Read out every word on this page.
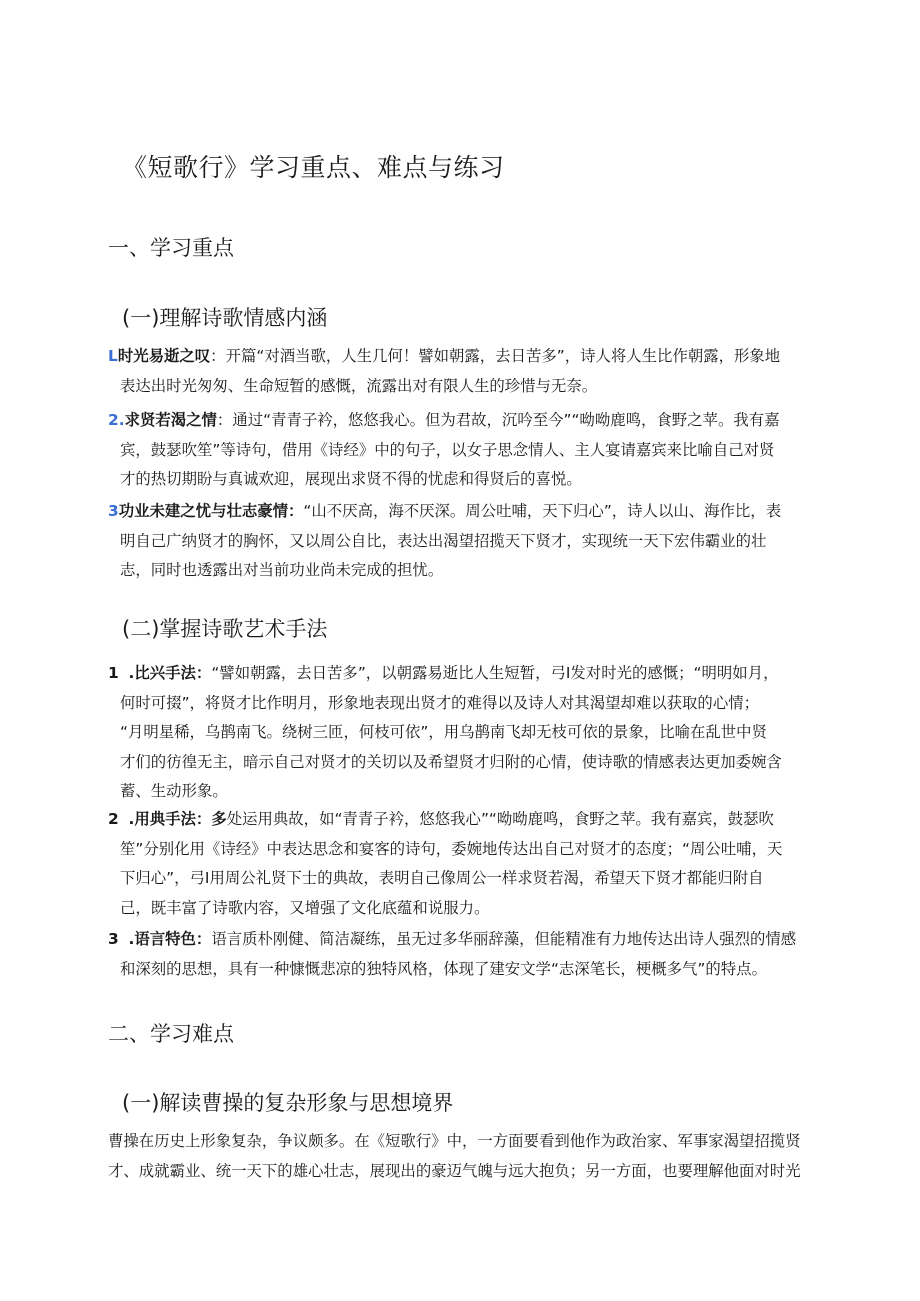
《短歌行》学习重点、难点与练习
一、学习重点
(一)理解诗歌情感内涵
L时光易逝之叹：开篇“对酒当歌，人生几何！譬如朝露，去日苦多”，诗人将人生比作朝露，形象地
表达出时光匆匆、生命短暂的感慨，流露出对有限人生的珍惜与无奈。
2.求贤若渴之情：通过“青青子衿，悠悠我心。但为君故，沉吟至今”“呦呦鹿鸣，食野之苹。我有嘉
宾，鼓瑟吹笙”等诗句，借用《诗经》中的句子，以女子思念情人、主人宴请嘉宾来比喻自己对贤
才的热切期盼与真诚欢迎，展现出求贤不得的忧虑和得贤后的喜悦。
3功业未建之忧与壮志豪情：“山不厌高，海不厌深。周公吐哺，天下归心”，诗人以山、海作比，表
明自己广纳贤才的胸怀，又以周公自比，表达出渴望招揽天下贤才，实现统一天下宏伟霸业的壮
志，同时也透露出对当前功业尚未完成的担忧。
(二)掌握诗歌艺术手法
1 .比兴手法：“譬如朝露，去日苦多”，以朝露易逝比人生短暂，弓I发对时光的感慨；“明明如月，
何时可掇”，将贤才比作明月，形象地表现出贤才的难得以及诗人对其渴望却难以获取的心情；
“月明星稀，乌鹊南飞。绕树三匝，何枝可依”，用乌鹊南飞却无枝可依的景象，比喻在乱世中贤
才们的彷徨无主，暗示自己对贤才的关切以及希望贤才归附的心情，使诗歌的情感表达更加委婉含
蓄、生动形象。
2 .用典手法：多处运用典故，如“青青子衿，悠悠我心”“呦呦鹿鸣，食野之苹。我有嘉宾，鼓瑟吹
笙”分别化用《诗经》中表达思念和宴客的诗句，委婉地传达出自己对贤才的态度；“周公吐哺，天
下归心”，弓I用周公礼贤下士的典故，表明自己像周公一样求贤若渴，希望天下贤才都能归附自
己，既丰富了诗歌内容，又增强了文化底蕴和说服力。
3 .语言特色：语言质朴刚健、简洁凝练，虽无过多华丽辞藻，但能精准有力地传达出诗人强烈的情感
和深刻的思想，具有一种慷慨悲凉的独特风格，体现了建安文学“志深笔长，梗概多气”的特点。
二、学习难点
(一)解读曹操的复杂形象与思想境界
曹操在历史上形象复杂，争议颇多。在《短歌行》中，一方面要看到他作为政治家、军事家渴望招揽贤
才、成就霸业、统一天下的雄心壮志，展现出的豪迈气魄与远大抱负；另一方面，也要理解他面对时光
